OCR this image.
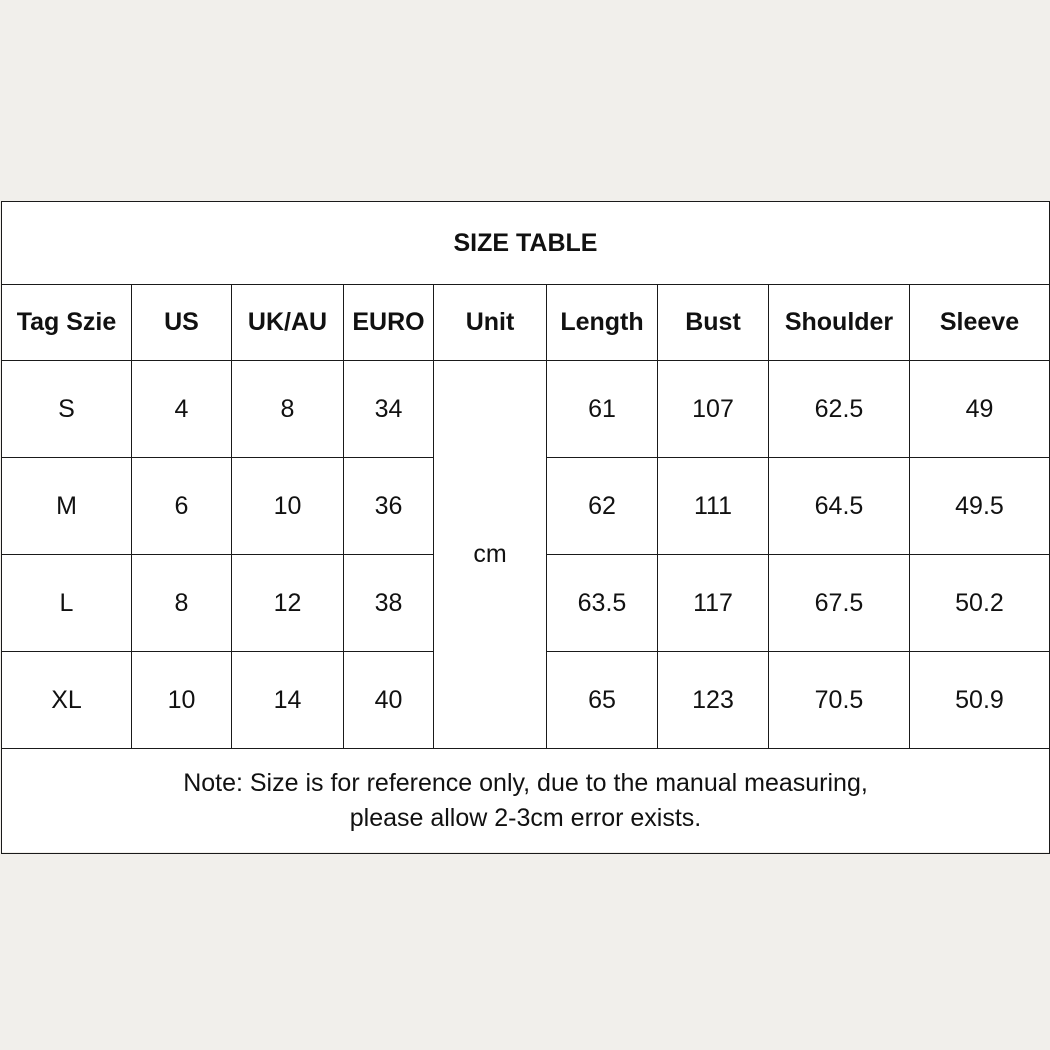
SIZE TABLE								
Tag Szie	US	UK/AU	EURO	Unit	Length	Bust	Shoulder	Sleeve
S	4	8	34	cm	61	107	62.5	49
M	6	10	36		62	111	64.5	49.5
L	8	12	38		63.5	117	67.5	50.2
XL	10	14	40		65	123	70.5	50.9

Note: Size is for reference only, due to the manual measuring,
please allow 2-3cm error exists.								
